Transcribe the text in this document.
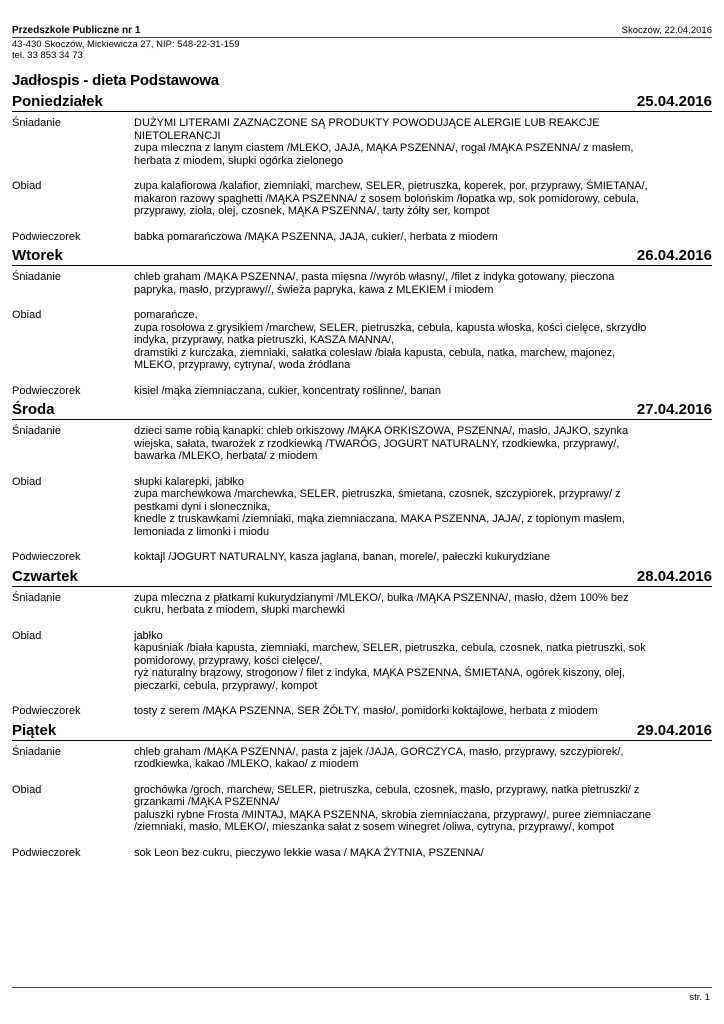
Przedszkole Publiczne nr 1
43-430 Skoczów, Mickiewicza 27, NIP: 548-22-31-159
tel. 33 853 34 73
Skoczów, 22.04.2016
Jadłospis - dieta Podstawowa
Poniedziałek	25.04.2016
Śniadanie	DUŻYMI LITERAMI ZAZNACZONE SĄ PRODUKTY POWODUJĄCE ALERGIE LUB REAKCJE
NIETOLERANCJI
zupa mleczna z lanym ciastem /MLEKO, JAJA, MĄKA PSZENNA/, rogal /MĄKA PSZENNA/ z masłem,
herbata z miodem, słupki ogórka zielonego
Obiad	zupa kalafiorowa /kalafior, ziemniaki, marchew, SELER, pietruszka, koperek, por, przyprawy, ŚMIETANA/,
makaron razowy spaghetti /MĄKA PSZENNA/ z sosem bolońskim /łopatka wp, sok pomidorowy, cebula,
przyprawy, zioła, olej, czosnek, MĄKA PSZENNA/, tarty żółty ser, kompot
Podwieczorek	babka pomarańczowa /MĄKA PSZENNA, JAJA, cukier/, herbata z miodem
Wtorek	26.04.2016
Śniadanie	chleb graham /MĄKA PSZENNA/, pasta mięsna //wyrób własny/, /filet z indyka gotowany, pieczona
papryka, masło, przyprawy//, świeża papryka, kawa z MLEKIEM i miodem
Obiad	pomarańcze,
zupa rosołowa z grysikiem /marchew, SELER, pietruszka, cebula, kapusta włoska, kości cielęce, skrzydło
indyka, przyprawy, natka pietruszki, KASZA MANNA/,
dramstiki z kurczaka, ziemniaki, sałatka colesław /biała kapusta, cebula, natka, marchew, majonez,
MLEKO, przyprawy, cytryna/, woda źródlana
Podwieczorek	kisiel /mąka ziemniaczana, cukier, koncentraty roślinne/, banan
Środa	27.04.2016
Śniadanie	dzieci same robią kanapki: chleb orkiszowy /MĄKA ORKISZOWA, PSZENNA/, masło, JAJKO, szynka
wiejska, sałata, twarożek z rzodkiewką /TWARÓG, JOGURT NATURALNY, rzodkiewka, przyprawy/,
bawarka /MLEKO, herbata/ z miodem
Obiad	słupki kalarepki, jabłko
zupa marchewkowa /marchewka, SELER, pietruszka, śmietana, czosnek, szczypiorek, przyprawy/ z
pestkami dyni i słonecznika,
knedle z truskawkami /ziemniaki, mąka ziemniaczana, MAKA PSZENNA, JAJA/, z topionym masłem,
lemoniada z limonki i miodu
Podwieczorek	koktajl /JOGURT NATURALNY, kasza jaglana, banan, morele/, pałeczki kukurydziane
Czwartek	28.04.2016
Śniadanie	zupa mleczna z płatkami kukurydzianymi /MLEKO/, bułka /MĄKA PSZENNA/, masło, dżem 100% bez
cukru, herbata z miodem, słupki marchewki
Obiad	jabłko
kapuśniak /biała kapusta, ziemniaki, marchew, SELER, pietruszka, cebula, czosnek, natka pietruszki, sok
pomidorowy, przyprawy, kości cielęce/,
ryż naturalny brązowy, strogonow / filet z indyka, MĄKA PSZENNA, ŚMIETANA, ogórek kiszony, olej,
pieczarki, cebula, przyprawy/, kompot
Podwieczorek	tosty z serem /MĄKA PSZENNA, SER ŻÓŁTY, masło/, pomidorki koktajlowe, herbata z miodem
Piątek	29.04.2016
Śniadanie	chleb graham /MĄKA PSZENNA/, pasta z jajek /JAJA, GORCZYCA, masło, przyprawy, szczypiorek/,
rzodkiewka, kakao /MLEKO, kakao/ z miodem
Obiad	grochówka /groch, marchew, SELER, pietruszka, cebula, czosnek, masło, przyprawy, natka pietruszki/ z
grzankami /MĄKA PSZENNA/
paluszki rybne Frosta /MINTAJ, MĄKA PSZENNA, skrobia ziemniaczana, przyprawy/, puree ziemniaczane
/ziemniaki, masło, MLEKO/, mieszanka sałat z sosem winegret /oliwa, cytryna, przyprawy/, kompot
Podwieczorek	sok Leon bez cukru, pieczywo lekkie wasa / MĄKA ŻYTNIA, PSZENNA/
str. 1
